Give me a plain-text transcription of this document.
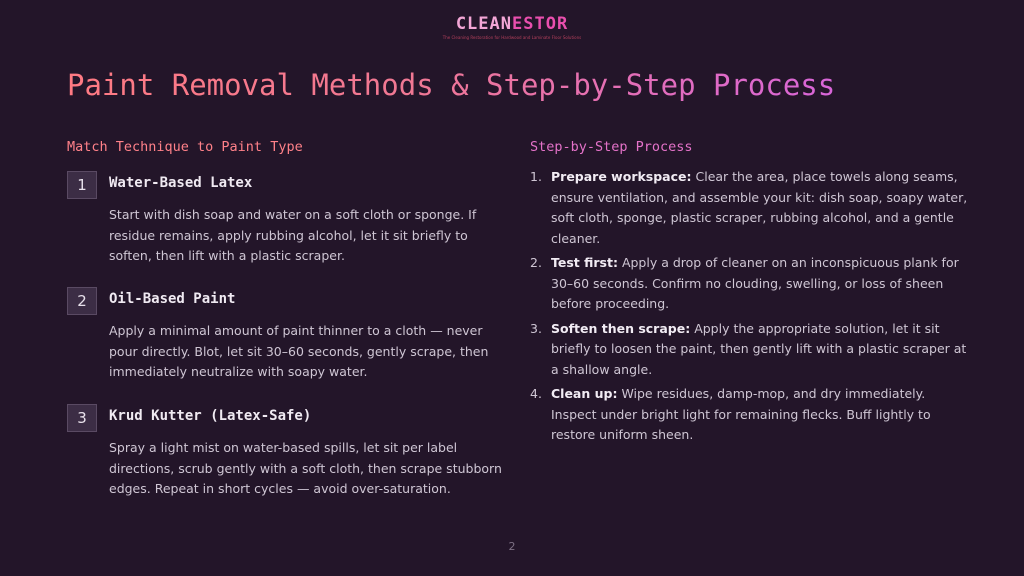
CLEANESTOR
The Cleaning Restoration for Hardwood and Laminate Floor Solutions
Paint Removal Methods & Step-by-Step Process
Match Technique to Paint Type	Step-by-Step Process
1	Water-Based Latex
Start with dish soap and water on a soft cloth or sponge. If residue remains, apply rubbing alcohol, let it sit briefly to soften, then lift with a plastic scraper.
2	Oil-Based Paint
Apply a minimal amount of paint thinner to a cloth — never pour directly. Blot, let sit 30–60 seconds, gently scrape, then immediately neutralize with soapy water.
3	Krud Kutter (Latex-Safe)
Spray a light mist on water-based spills, let sit per label directions, scrub gently with a soft cloth, then scrape stubborn edges. Repeat in short cycles — avoid over-saturation.
1. Prepare workspace: Clear the area, place towels along seams, ensure ventilation, and assemble your kit: dish soap, soapy water, soft cloth, sponge, plastic scraper, rubbing alcohol, and a gentle cleaner.
2. Test first: Apply a drop of cleaner on an inconspicuous plank for 30–60 seconds. Confirm no clouding, swelling, or loss of sheen before proceeding.
3. Soften then scrape: Apply the appropriate solution, let it sit briefly to loosen the paint, then gently lift with a plastic scraper at a shallow angle.
4. Clean up: Wipe residues, damp-mop, and dry immediately. Inspect under bright light for remaining flecks. Buff lightly to restore uniform sheen.
2
